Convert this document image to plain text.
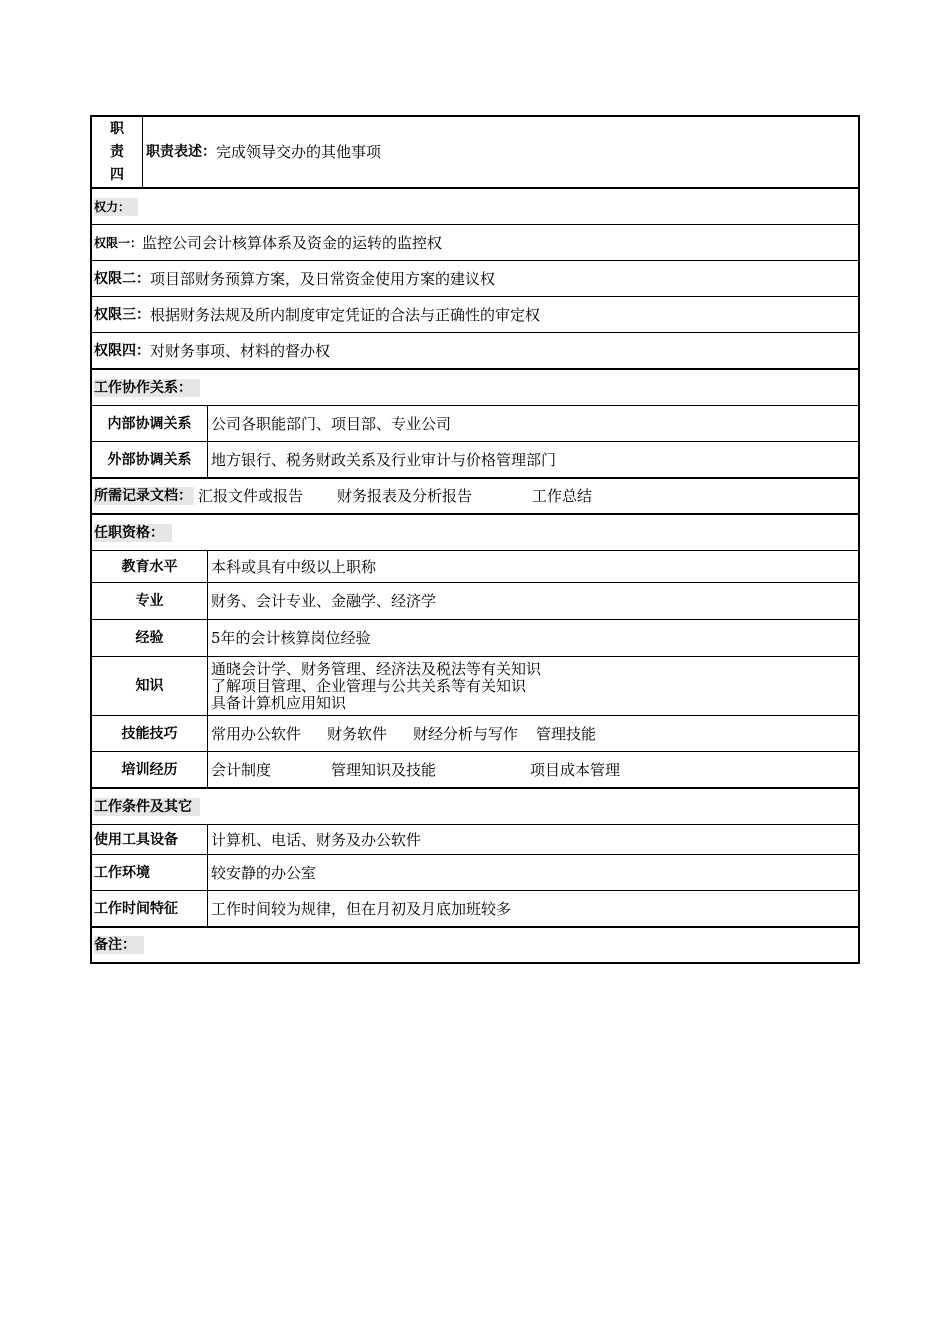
职
责
四
职责表述： 完成领导交办的其他事项
权力：
权限一： 监控公司会计核算体系及资金的运转的监控权
权限二： 项目部财务预算方案，及日常资金使用方案的建议权
权限三： 根据财务法规及所内制度审定凭证的合法与正确性的审定权
权限四： 对财务事项、材料的督办权
工作协作关系：
内部协调关系	公司各职能部门、项目部、专业公司
外部协调关系	地方银行、税务财政关系及行业审计与价格管理部门
所需记录文档： 汇报文件或报告 财务报表及分析报告	工作总结
任职资格：
教育水平	本科或具有中级以上职称
专业	财务、会计专业、金融学、经济学
经验	5年的会计核算岗位经验
知识
通晓会计学、财务管理、经济法及税法等有关知识
了解项目管理、企业管理与公共关系等有关知识
具备计算机应用知识
技能技巧	常用办公软件 财务软件 财经分析与写作 管理技能
培训经历	会计制度	管理知识及技能	项目成本管理
工作条件及其它
使用工具设备	计算机、电话、财务及办公软件
工作环境	较安静的办公室
工作时间特征	工作时间较为规律，但在月初及月底加班较多
备注：
